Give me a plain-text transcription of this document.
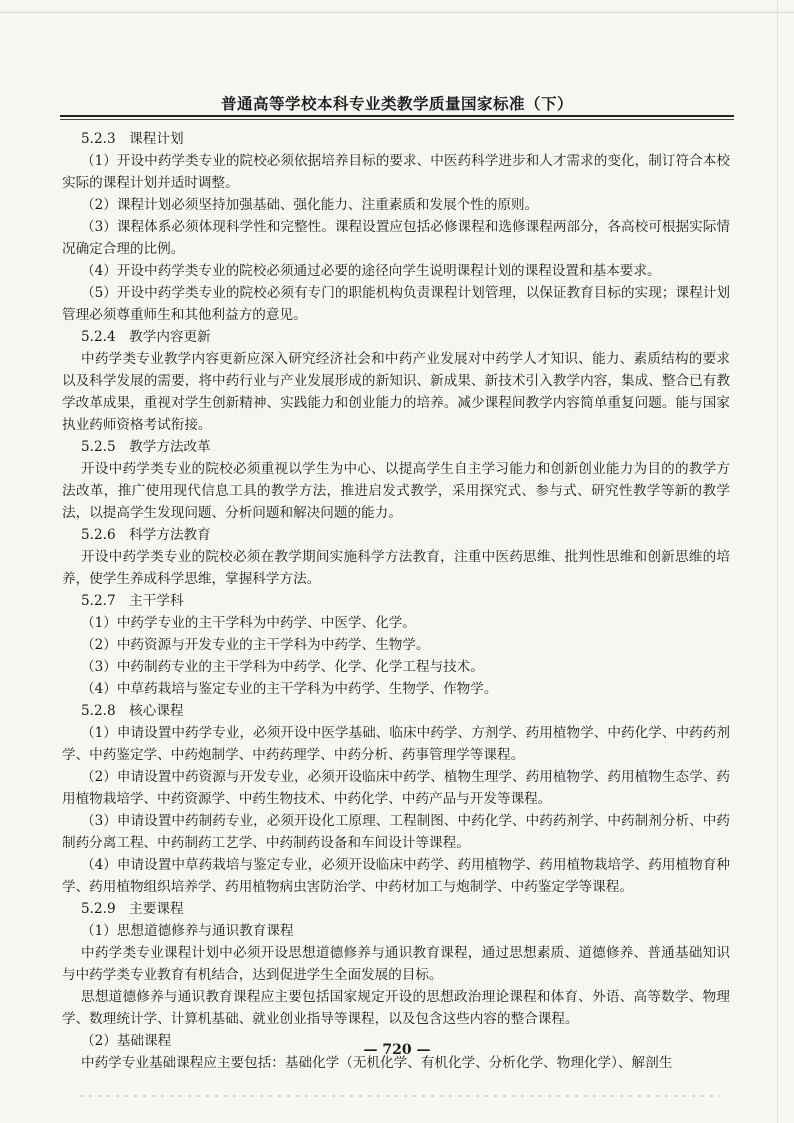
普通高等学校本科专业类教学质量国家标准（下）

5.2.3　课程计划

（1）开设中药学类专业的院校必须依据培养目标的要求、中医药科学进步和人才需求的变化，制订符合本校实际的课程计划并适时调整。

（2）课程计划必须坚持加强基础、强化能力、注重素质和发展个性的原则。

（3）课程体系必须体现科学性和完整性。课程设置应包括必修课程和选修课程两部分，各高校可根据实际情况确定合理的比例。

（4）开设中药学类专业的院校必须通过必要的途径向学生说明课程计划的课程设置和基本要求。

（5）开设中药学类专业的院校必须有专门的职能机构负责课程计划管理，以保证教育目标的实现；课程计划管理必须尊重师生和其他利益方的意见。

5.2.4　教学内容更新

中药学类专业教学内容更新应深入研究经济社会和中药产业发展对中药学人才知识、能力、素质结构的要求以及科学发展的需要，将中药行业与产业发展形成的新知识、新成果、新技术引入教学内容，集成、整合已有教学改革成果，重视对学生创新精神、实践能力和创业能力的培养。减少课程间教学内容简单重复问题。能与国家执业药师资格考试衔接。

5.2.5　教学方法改革

开设中药学类专业的院校必须重视以学生为中心、以提高学生自主学习能力和创新创业能力为目的的教学方法改革，推广使用现代信息工具的教学方法，推进启发式教学，采用探究式、参与式、研究性教学等新的教学法，以提高学生发现问题、分析问题和解决问题的能力。

5.2.6　科学方法教育

开设中药学类专业的院校必须在教学期间实施科学方法教育，注重中医药思维、批判性思维和创新思维的培养，使学生养成科学思维，掌握科学方法。

5.2.7　主干学科

（1）中药学专业的主干学科为中药学、中医学、化学。

（2）中药资源与开发专业的主干学科为中药学、生物学。

（3）中药制药专业的主干学科为中药学、化学、化学工程与技术。

（4）中草药栽培与鉴定专业的主干学科为中药学、生物学、作物学。

5.2.8　核心课程

（1）申请设置中药学专业，必须开设中医学基础、临床中药学、方剂学、药用植物学、中药化学、中药药剂学、中药鉴定学、中药炮制学、中药药理学、中药分析、药事管理学等课程。

（2）申请设置中药资源与开发专业，必须开设临床中药学、植物生理学、药用植物学、药用植物生态学、药用植物栽培学、中药资源学、中药生物技术、中药化学、中药产品与开发等课程。

（3）申请设置中药制药专业，必须开设化工原理、工程制图、中药化学、中药药剂学、中药制剂分析、中药制药分离工程、中药制药工艺学、中药制药设备和车间设计等课程。

（4）申请设置中草药栽培与鉴定专业，必须开设临床中药学、药用植物学、药用植物栽培学、药用植物育种学、药用植物组织培养学、药用植物病虫害防治学、中药材加工与炮制学、中药鉴定学等课程。

5.2.9　主要课程

（1）思想道德修养与通识教育课程

中药学类专业课程计划中必须开设思想道德修养与通识教育课程，通过思想素质、道德修养、普通基础知识与中药学类专业教育有机结合，达到促进学生全面发展的目标。

思想道德修养与通识教育课程应主要包括国家规定开设的思想政治理论课程和体育、外语、高等数学、物理学、数理统计学、计算机基础、就业创业指导等课程，以及包含这些内容的整合课程。

（2）基础课程

中药学专业基础课程应主要包括：基础化学（无机化学、有机化学、分析化学、物理化学）、解剖生

— 720 —
